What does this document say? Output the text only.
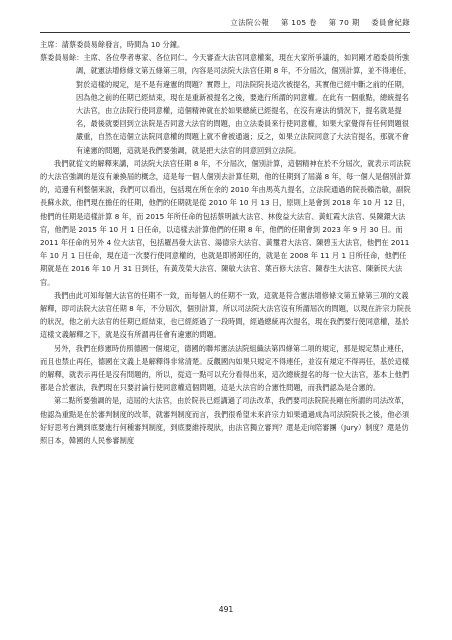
立法院公報 第 105 卷 第 70 期 委員會紀錄

主席：請蔡委員易餘發言，時間為 10 分鐘。

蔡委員易餘：主席、各位學者專家、各位同仁。今天審查大法官同意權案，現在大家所爭議的，如同剛才趙委員所強調，就憲法增修條文第五條第三項，內容是司法院大法官任期 8 年，不分屆次，個別計算，並不得連任，對於這樣的規定，是不是有違憲的問題？實際上，司法院院長這次被提名，其實他已經中斷之前的任期，因為他之前的任期已經結束，現在是重新被提名之後，要進行所謂的同意權。在此有一個重點，總統提名大法官，由立法院行使同意權，這個精神就在於如果總統已經提名，在沒有違法的情況下，提名就是提名，最後就要回到立法院是否同意大法官的問題，由立法委員來行使同意權，如果大家覺得有任何問題很嚴重，自然在這個立法院同意權的問題上就不會被通過；反之，如果立法院同意了大法官提名，那就不會有違憲的問題，這就是我們要強調，就是把大法官的同意回到立法院。

我們就從文的解釋來講，司法院大法官任期 8 年，不分屆次，個別計算，這個精神在於不分屆次，就表示司法院的大法官強調的是沒有兼換屆的概念，這是每一個人個別去計算任期，他的任期到了屆滿 8 年，每一個人是個別計算的，這邊有利整個來說，我們可以看出，包括現在所在余的 2010 年由馬英九提名，立法院通過的院長賴浩敏，副院長蘇永欽，他們現在擔任的任期，他們的任期就是從 2010 年 10 月 13 日，原則上是會到 2018 年 10 月 12 日，他們的任期是這樣計算 8 年，而 2015 年所任命的包括蔡明誠大法官、林俊益大法官、黃虹霞大法官、吳陳鐶大法官，他們是 2015 年 10 月 1 日任命，以這樣去計算他們的任期 8 年，他們的任期會到 2023 年 9 月 30 日。而 2011 年任命的另外 4 位大法官，包括羅昌發大法官、湯德宗大法官、黃璽君大法官、陳碧玉大法官，他們在 2011 年 10 月 1 日任命，現在這一次要行使同意權的，也就是即將卸任的，就是在 2008 年 11 月 1 日所任命，他們任期就是在 2016 年 10 月 31 日到任，有黃茂榮大法官、陳敏大法官、葉百修大法官、陳春生大法官、陳新民大法官。

我們由此可知每個大法官的任期不一致，而每個人的任期不一致，這就是符合憲法增修條文第五條第三項的文義解釋，即司法院大法官任期 8 年，不分屆次，個別計算，所以司法院大法官沒有所謂屆次的問題，以現在許宗力院長的狀況，他之前大法官的任期已經結束，也已經經過了一段時間，經過總統再次提名，現在我們要行使同意權，基於這樣文義解釋之下，就是沒有所謂再任會有違憲的問題。

另外，我們在修憲時仿照德國一個規定，德國的聯邦憲法法院組織法第四條第二項的規定，那是規定禁止連任，而且也禁止再任，德國在文義上是解釋得非常清楚。反觀國內如果只規定不得連任，並沒有規定不得再任，基於這樣的解釋，就表示再任是沒有問題的，所以，從這一點可以充分看得出來，這次總統提名的每一位大法官，基本上他們都是合於憲法，我們現在只要討論行使同意權這個問題，這是大法官的合憲性問題，而我們認為是合憲的。

第二點所要強調的是，這屆的大法官，由於院長已經講過了司法改革，我們要司法院院長剛在所謂的司法改革，他認為重點是在於審判制度的改革，就審判制度而言，我們很希望未來許宗力如果通過成為司法院院長之後，他必須好好思考台灣到底要進行何種審判制度，到底要維持現狀，由法官獨立審判？還是走向陪審團（Jury）制度？還是仿照日本，韓國的人民參審制度

491
